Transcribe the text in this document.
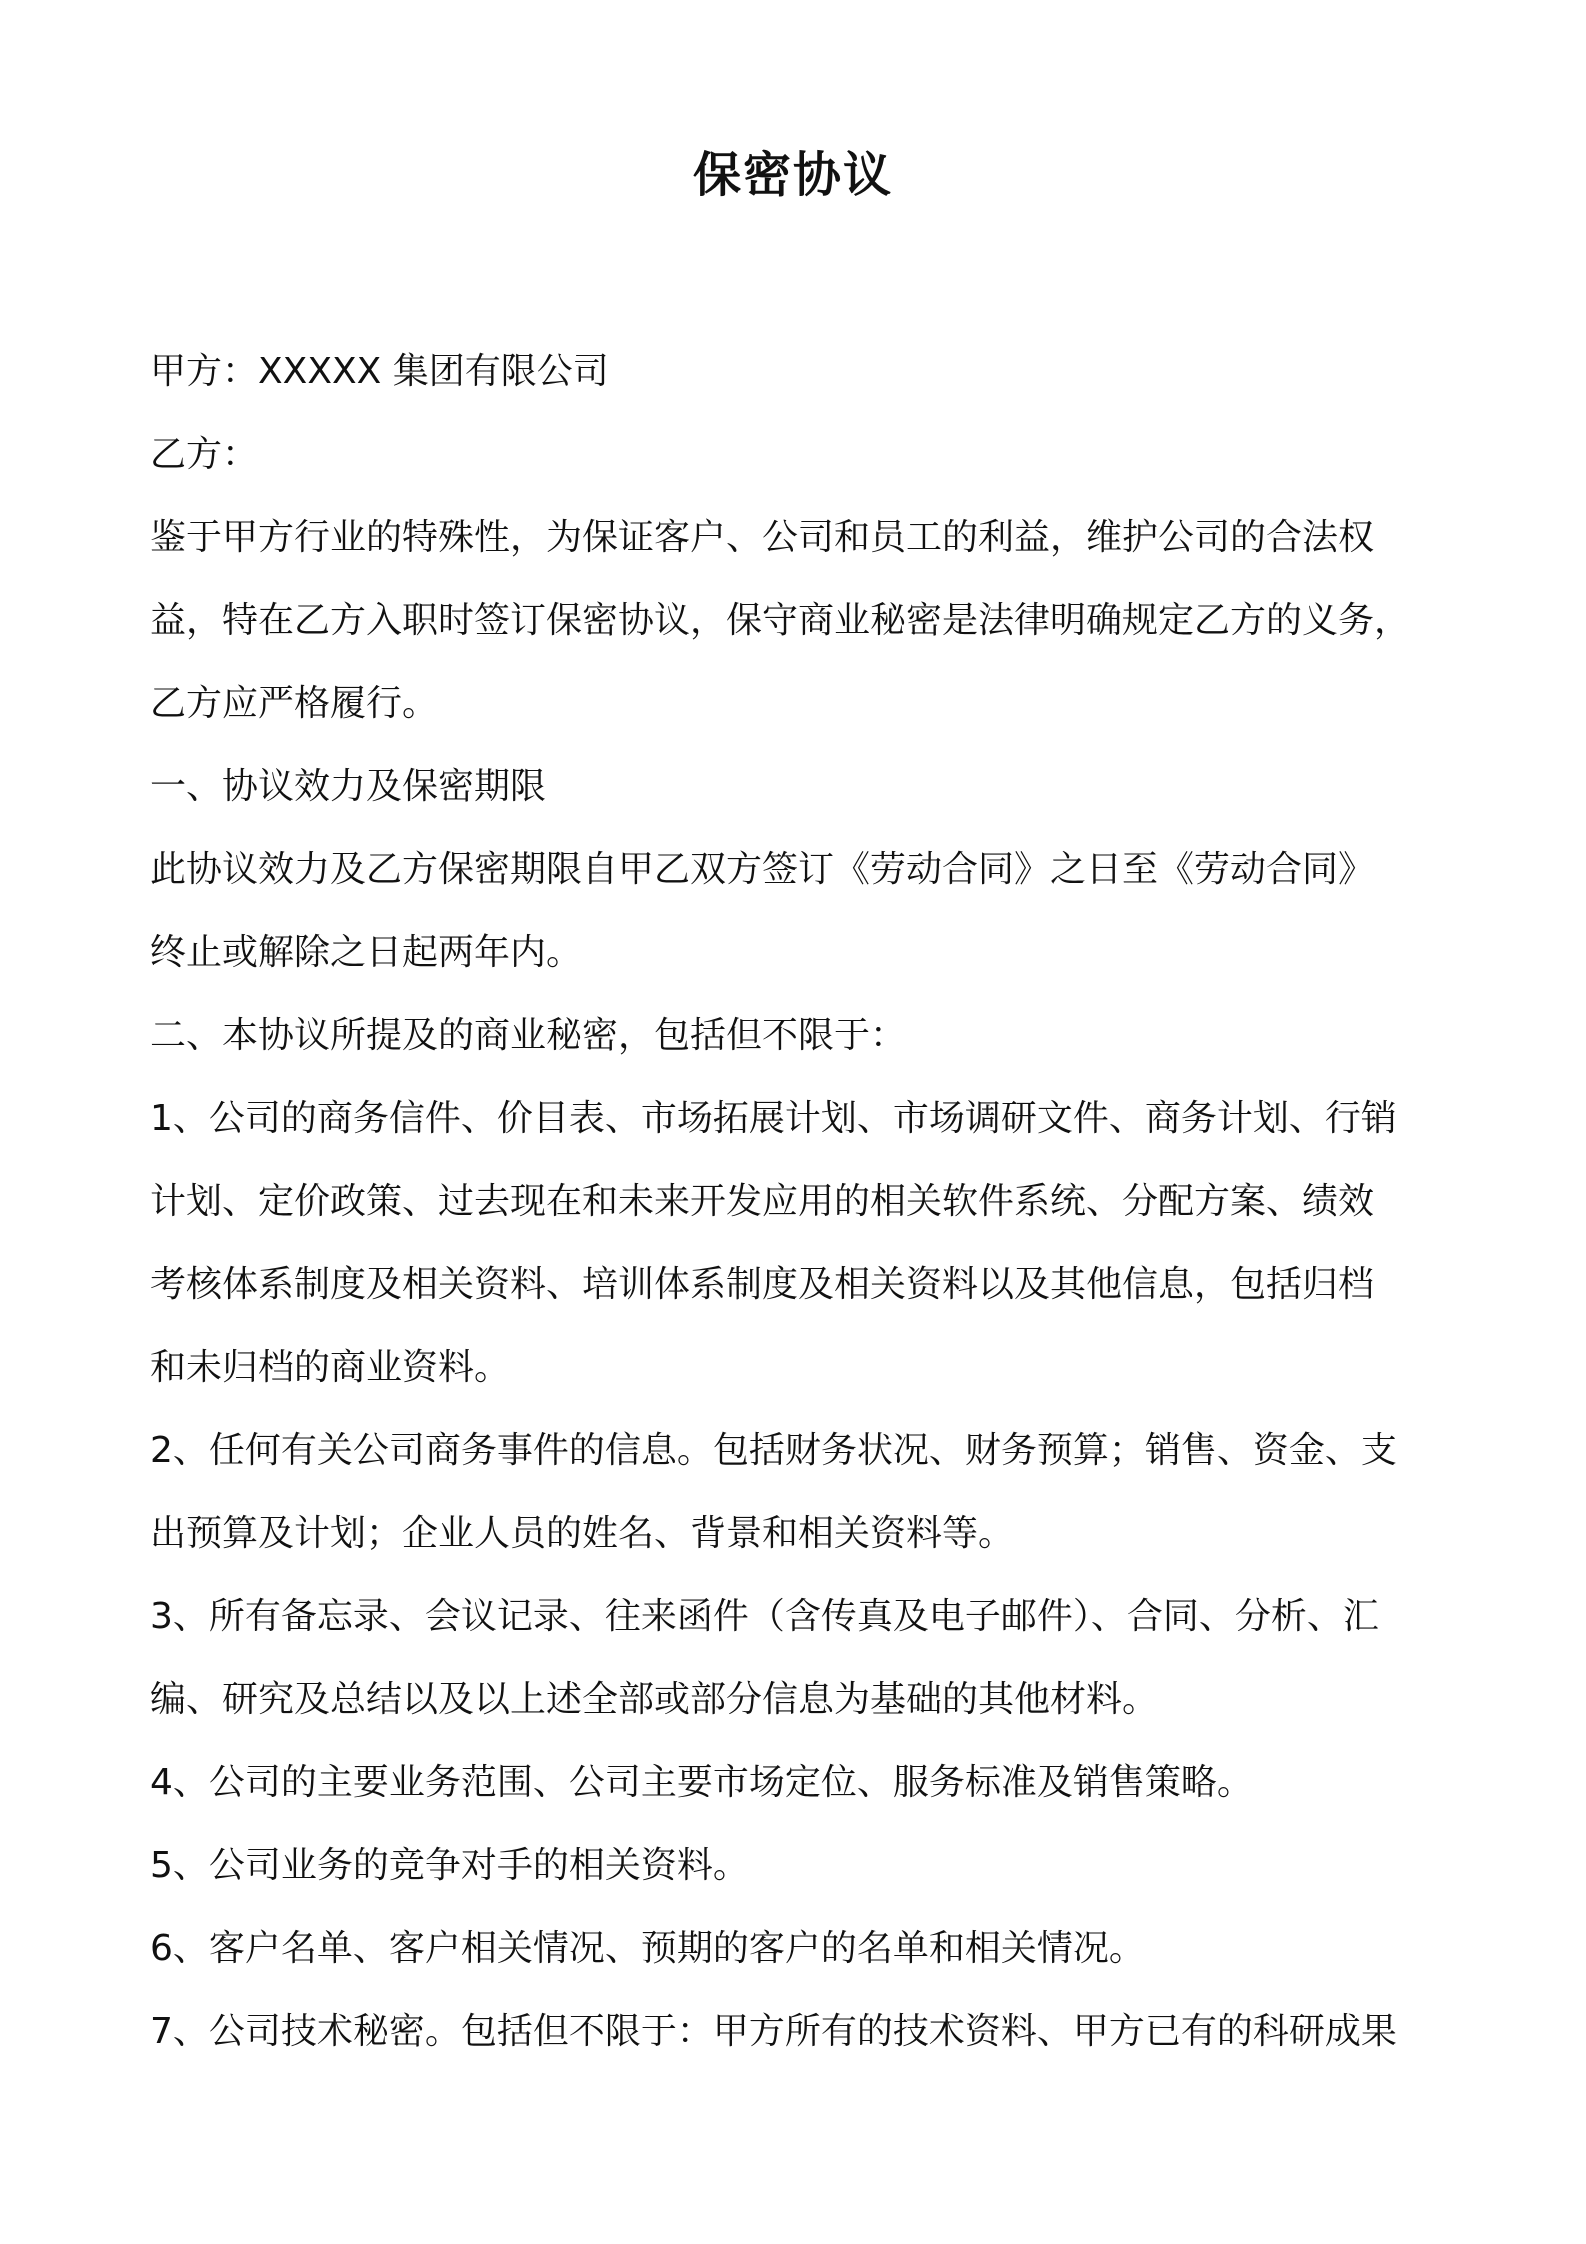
保密协议

甲方：XXXXX 集团有限公司

乙方：

鉴于甲方行业的特殊性，为保证客户、公司和员工的利益，维护公司的合法权
益，特在乙方入职时签订保密协议，保守商业秘密是法律明确规定乙方的义务，
乙方应严格履行。

一、协议效力及保密期限

此协议效力及乙方保密期限自甲乙双方签订《劳动合同》之日至《劳动合同》
终止或解除之日起两年内。

二、本协议所提及的商业秘密，包括但不限于：

1、公司的商务信件、价目表、市场拓展计划、市场调研文件、商务计划、行销
计划、定价政策、过去现在和未来开发应用的相关软件系统、分配方案、绩效
考核体系制度及相关资料、培训体系制度及相关资料以及其他信息，包括归档
和未归档的商业资料。

2、任何有关公司商务事件的信息。包括财务状况、财务预算；销售、资金、支
出预算及计划；企业人员的姓名、背景和相关资料等。

3、所有备忘录、会议记录、往来函件（含传真及电子邮件）、合同、分析、汇
编、研究及总结以及以上述全部或部分信息为基础的其他材料。

4、公司的主要业务范围、公司主要市场定位、服务标准及销售策略。

5、公司业务的竞争对手的相关资料。

6、客户名单、客户相关情况、预期的客户的名单和相关情况。

7、公司技术秘密。包括但不限于：甲方所有的技术资料、甲方已有的科研成果
